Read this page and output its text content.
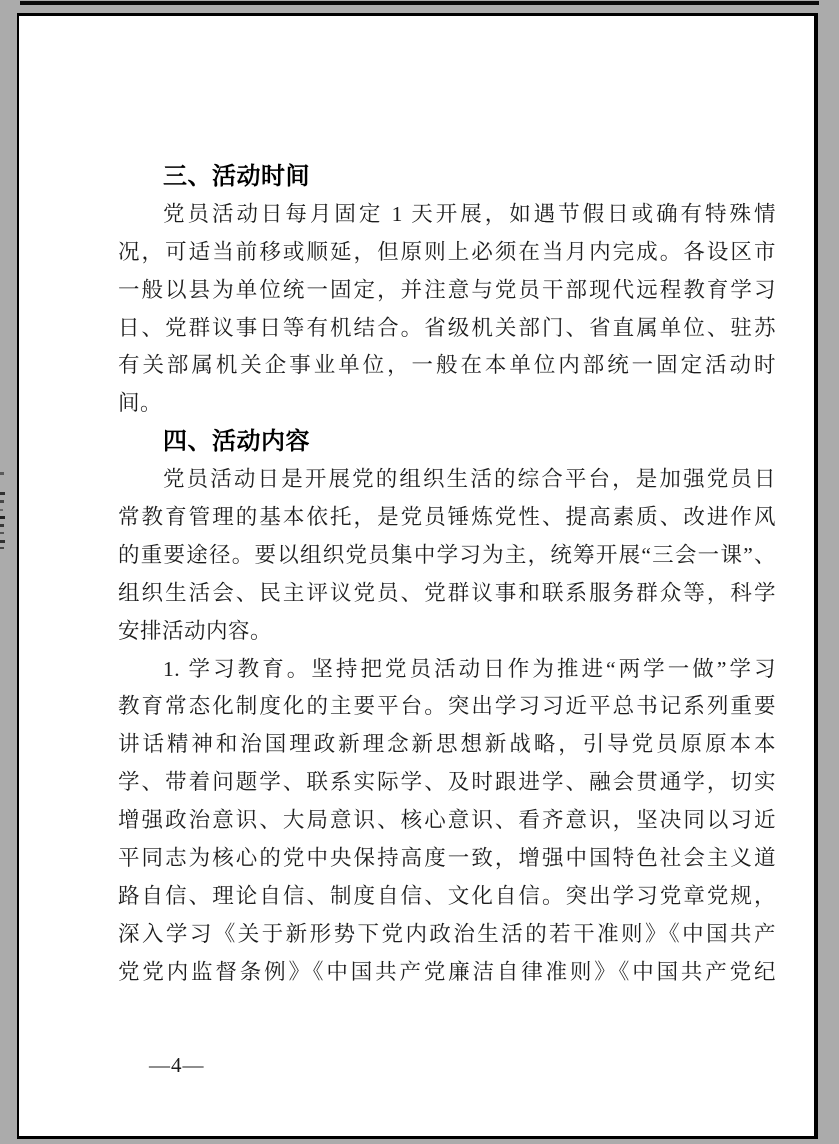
三、活动时间
党员活动日每月固定 1 天开展，如遇节假日或确有特殊情
况，可适当前移或顺延，但原则上必须在当月内完成。各设区市
一般以县为单位统一固定，并注意与党员干部现代远程教育学习
日、党群议事日等有机结合。省级机关部门、省直属单位、驻苏
有关部属机关企事业单位，一般在本单位内部统一固定活动时
间。
四、活动内容
党员活动日是开展党的组织生活的综合平台，是加强党员日
常教育管理的基本依托，是党员锤炼党性、提高素质、改进作风
的重要途径。要以组织党员集中学习为主，统筹开展“三会一课”、
组织生活会、民主评议党员、党群议事和联系服务群众等，科学
安排活动内容。
1. 学习教育。坚持把党员活动日作为推进“两学一做”学习
教育常态化制度化的主要平台。突出学习习近平总书记系列重要
讲话精神和治国理政新理念新思想新战略，引导党员原原本本
学、带着问题学、联系实际学、及时跟进学、融会贯通学，切实
增强政治意识、大局意识、核心意识、看齐意识，坚决同以习近
平同志为核心的党中央保持高度一致，增强中国特色社会主义道
路自信、理论自信、制度自信、文化自信。突出学习党章党规，
深入学习《关于新形势下党内政治生活的若干准则》《中国共产
党党内监督条例》《中国共产党廉洁自律准则》《中国共产党纪
—4—
